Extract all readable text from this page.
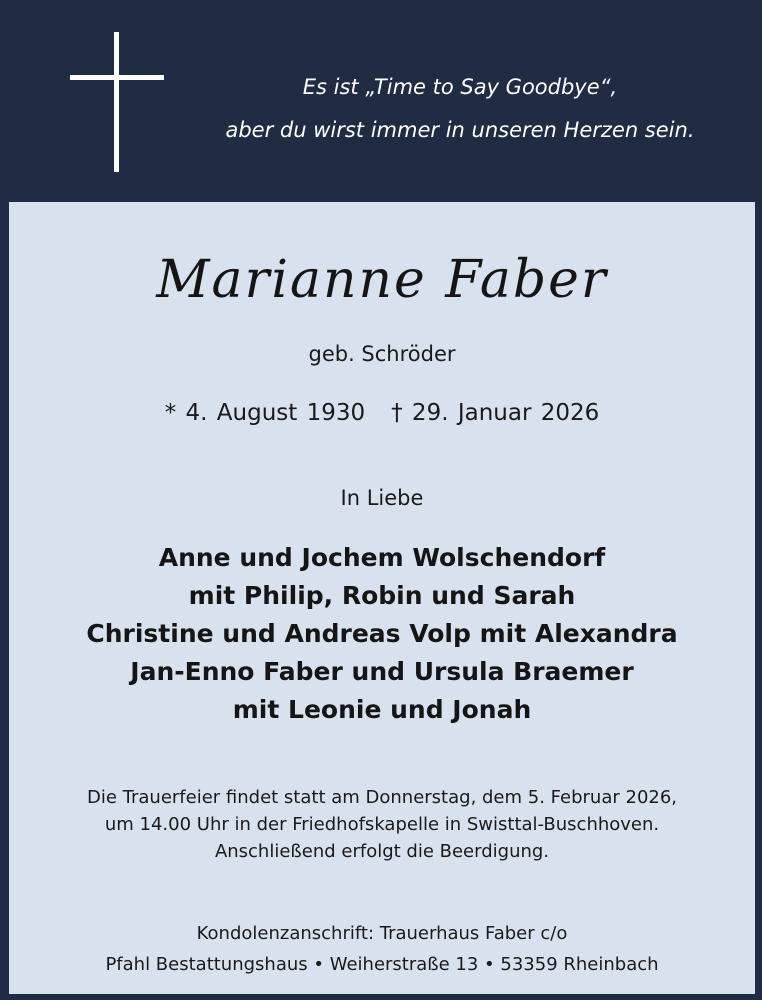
Es ist „Time to Say Goodbye“,
aber du wirst immer in unseren Herzen sein.
Marianne Faber
geb. Schröder
* 4. August 1930 † 29. Januar 2026
In Liebe
Anne und Jochem Wolschendorf
mit Philip, Robin und Sarah
Christine und Andreas Volp mit Alexandra
Jan-Enno Faber und Ursula Braemer
mit Leonie und Jonah
Die Trauerfeier findet statt am Donnerstag, dem 5. Februar 2026,
um 14.00 Uhr in der Friedhofskapelle in Swisttal-Buschhoven.
Anschließend erfolgt die Beerdigung.
Kondolenzanschrift: Trauerhaus Faber c/o
Pfahl Bestattungshaus • Weiherstraße 13 • 53359 Rheinbach
